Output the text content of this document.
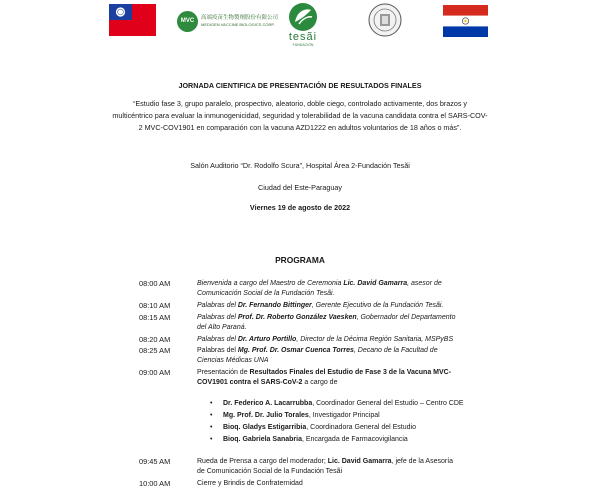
MVC	高端疫苗生物製劑股份有限公司
MEDIGEN VACCINE BIOLOGICS CORP.
tesãi
FUNDACIÓN
JORNADA CIENTIFICA DE PRESENTACIÓN DE RESULTADOS FINALES
“Estudio fase 3, grupo paralelo, prospectivo, aleatorio, doble ciego, controlado activamente, dos brazos y
multicéntrico para evaluar la inmunogenicidad, seguridad y tolerabilidad de la vacuna candidata contra el SARS-COV-
2 MVC-COV1901 en comparación con la vacuna AZD1222 en adultos voluntarios de 18 años o más”.
Salón Auditorio “Dr. Rodolfo Scura”, Hospital Área 2-Fundación Tesãi
Ciudad del Este-Paraguay
Viernes 19 de agosto de 2022
PROGRAMA
08:00 AM	Bienvenida a cargo del Maestro de Ceremonia Lic. David Gamarra, asesor de
Comunicación Social de la Fundación Tesãi.
08:10 AM	Palabras del Dr. Fernando Bittinger, Gerente Ejecutivo de la Fundación Tesãi.
08:15 AM	Palabras del Prof. Dr. Roberto González Vaesken, Gobernador del Departamento
del Alto Paraná.
08:20 AM	Palabras del Dr. Arturo Portillo, Director de la Décima Región Sanitaria, MSPyBS
08:25 AM	Palabras del Mg. Prof. Dr. Osmar Cuenca Torres, Decano de la Facultad de
Ciencias Médicas UNA
09:00 AM	Presentación de Resultados Finales del Estudio de Fase 3 de la Vacuna MVC-
COV1901 contra el SARS-CoV-2 a cargo de
• Dr. Federico A. Lacarrubba, Coordinador General del Estudio – Centro CDE
• Mg. Prof. Dr. Julio Torales, Investigador Principal
• Bioq. Gladys Estigarribia, Coordinadora General del Estudio
• Bioq. Gabriela Sanabria, Encargada de Farmacovigilancia
09:45 AM	Rueda de Prensa a cargo del moderador; Lic. David Gamarra, jefe de la Asesoría
de Comunicación Social de la Fundación Tesãi
10:00 AM	Cierre y Brindis de Confraternidad
